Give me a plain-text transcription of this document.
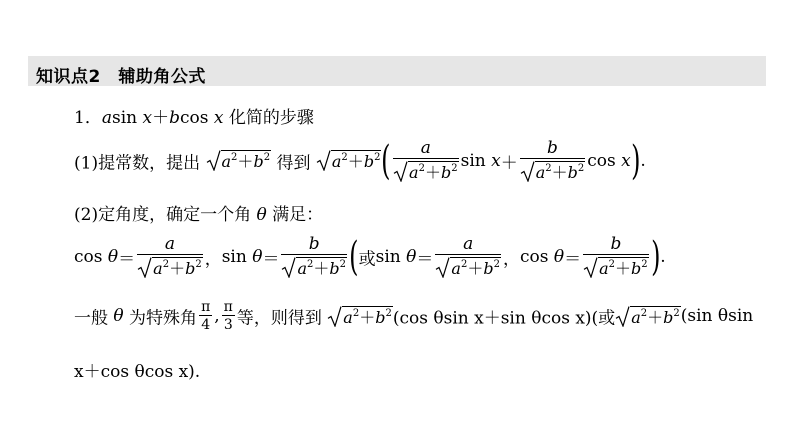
知识点2　辅助角公式
1．asin x＋bcos x 化简的步骤
(1)提常数，提出 $a^2+b^2$ 得到 $a^2+b^2( \frac{a}{a^2+b^2}$ $\sin x+ \frac{b}{a^2+b^2}$ cos x).
(2)定角度，确定一个角 θ 满足：
$\cos \theta= \frac{a}{a^2+b^2}$ ，$\sin \theta= \frac{b}{a^2+b^2}$ (或$\sin \theta= \frac{a}{a^2+b^2}$ ，$\cos \theta= \frac{b}{a^2+b^2}$ ).
一般 θ 为特殊角 $\frac{\pi}{4}$ , $\frac{\pi}{3}$ 等，则得到
$a^2+b^2(\cos$ θsin x＋sin θcos x)(或 $a^2+b^2(\sin$ θsin
x＋cos θcos x).
